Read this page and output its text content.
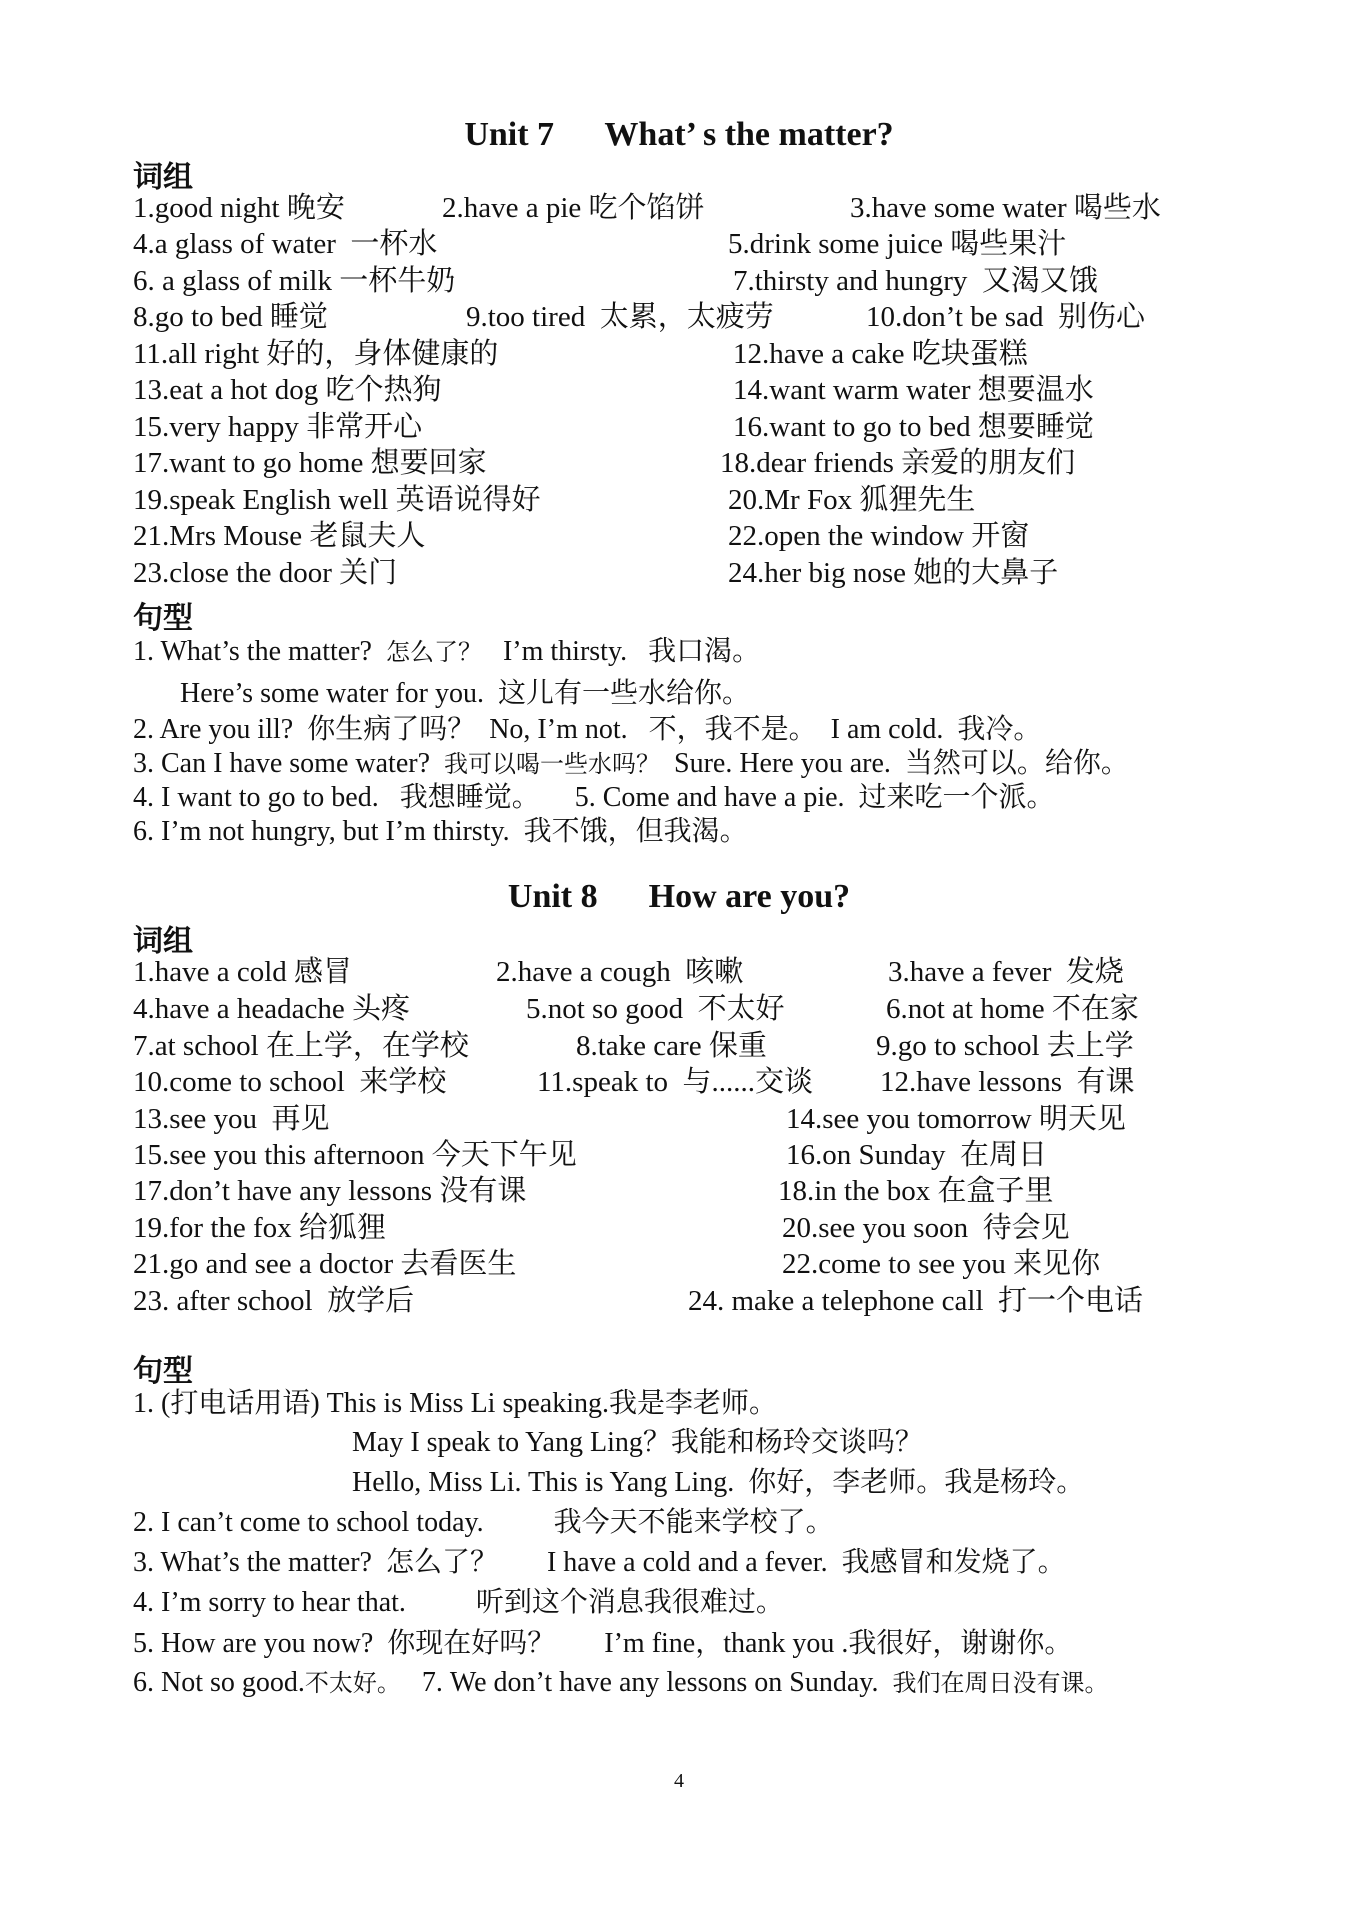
Unit 7      What’ s the matter?
词组
1.good night 晚安	2.have a pie 吃个馅饼	3.have some water 喝些水
4.a glass of water  一杯水	5.drink some juice 喝些果汁
6. a glass of milk 一杯牛奶	7.thirsty and hungry  又渴又饿
8.go to bed 睡觉	9.too tired  太累，太疲劳	10.don’t be sad  别伤心
11.all right 好的，身体健康的	12.have a cake 吃块蛋糕
13.eat a hot dog 吃个热狗	14.want warm water 想要温水
15.very happy 非常开心	16.want to go to bed 想要睡觉
17.want to go home 想要回家	18.dear friends 亲爱的朋友们
19.speak English well 英语说得好	20.Mr Fox 狐狸先生
21.Mrs Mouse 老鼠夫人	22.open the window 开窗
23.close the door 关门	24.her big nose 她的大鼻子
句型
1. What’s the matter?  怎么了？   I’m thirsty.   我口渴。
Here’s some water for you.  这儿有一些水给你。
2. Are you ill?  你生病了吗？  No, I’m not.   不，我不是。  I am cold.  我冷。
3. Can I have some water?  我可以喝一些水吗？  Sure. Here you are.  当然可以。给你。
4. I want to go to bed.   我想睡觉。     5. Come and have a pie.  过来吃一个派。
6. I’m not hungry, but I’m thirsty.  我不饿，但我渴。
Unit 8      How are you?
词组
1.have a cold 感冒	2.have a cough  咳嗽	3.have a fever  发烧
4.have a headache 头疼	5.not so good  不太好	6.not at home 不在家
7.at school 在上学，在学校	8.take care 保重	9.go to school 去上学
10.come to school  来学校	11.speak to  与......交谈 12.have lessons  有课
13.see you  再见	14.see you tomorrow 明天见
15.see you this afternoon 今天下午见	16.on Sunday  在周日
17.don’t have any lessons 没有课	18.in the box 在盒子里
19.for the fox 给狐狸	20.see you soon  待会见
21.go and see a doctor 去看医生	22.come to see you 来见你
23. after school  放学后	24. make a telephone call  打一个电话
句型
1. (打电话用语) This is Miss Li speaking.我是李老师。
May I speak to Yang Ling？我能和杨玲交谈吗？
Hello, Miss Li. This is Yang Ling.  你好，李老师。我是杨玲。
2. I can’t come to school today.          我今天不能来学校了。
3. What’s the matter?  怎么了？       I have a cold and a fever.  我感冒和发烧了。
4. I’m sorry to hear that.          听到这个消息我很难过。
5. How are you now?  你现在好吗？       I’m fine，thank you .我很好，谢谢你。
6. Not so good.不太好。   7. We don’t have any lessons on Sunday.  我们在周日没有课。
4
